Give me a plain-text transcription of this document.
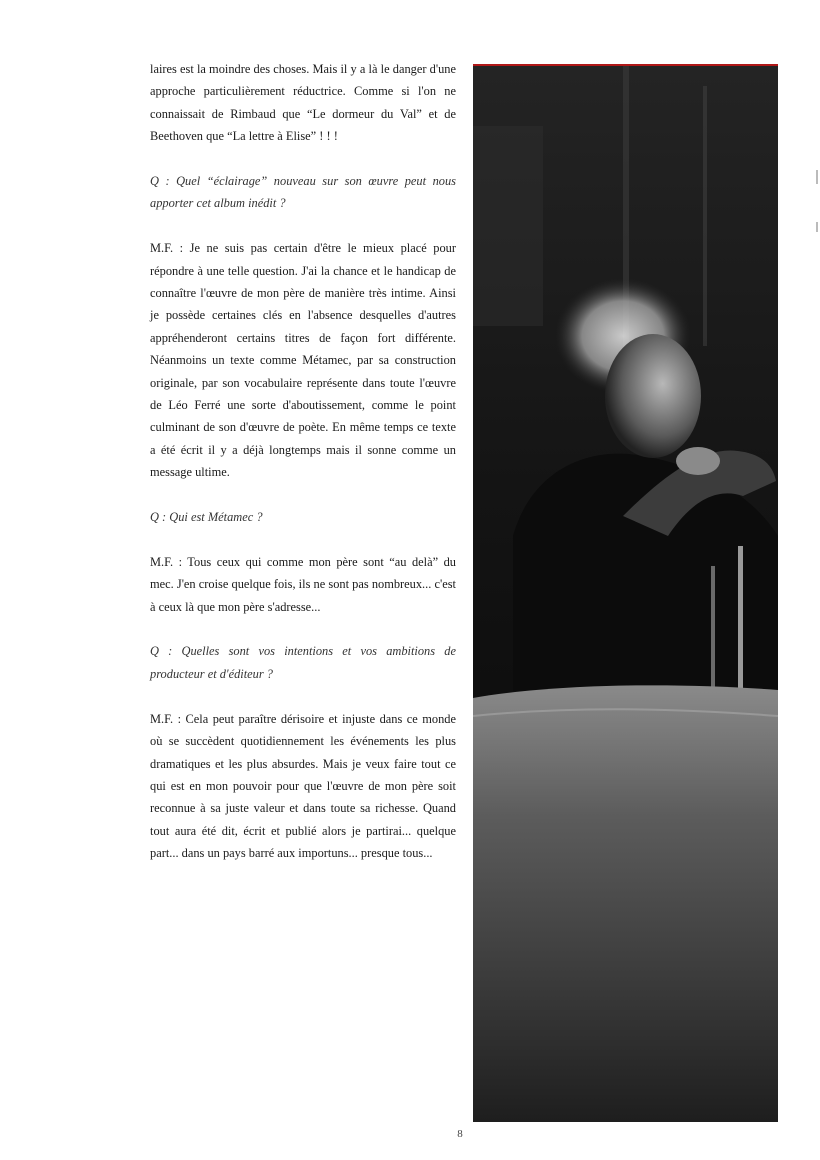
laires est la moindre des choses. Mais il y a là le danger d'une approche particulièrement réductrice. Comme si l'on ne connaissait de Rimbaud que “Le dormeur du Val” et de Beethoven que “La lettre à Elise” ! ! !

Q : Quel “éclairage” nouveau sur son œuvre peut nous apporter cet album inédit ?

M.F. : Je ne suis pas certain d'être le mieux placé pour répondre à une telle question. J'ai la chance et le handicap de connaître l'œuvre de mon père de manière très intime. Ainsi je possède certaines clés en l'absence desquelles d'autres appréhenderont certains titres de façon fort différente. Néanmoins un texte comme Métamec, par sa construction originale, par son vocabulaire représente dans toute l'œuvre de Léo Ferré une sorte d'aboutissement, comme le point culminant de son d'œuvre de poète. En même temps ce texte a été écrit il y a déjà longtemps mais il sonne comme un message ultime.

Q : Qui est Métamec ?

M.F. : Tous ceux qui comme mon père sont “au delà” du mec. J'en croise quelque fois, ils ne sont pas nombreux... c'est à ceux là que mon père s'adresse...

Q : Quelles sont vos intentions et vos ambitions de producteur et d'éditeur ?

M.F. : Cela peut paraître dérisoire et injuste dans ce monde où se succèdent quotidiennement les événements les plus dramatiques et les plus absurdes. Mais je veux faire tout ce qui est en mon pouvoir pour que l'œuvre de mon père soit reconnue à sa juste valeur et dans toute sa richesse. Quand tout aura été dit, écrit et publié alors je partirai... quelque part... dans un pays barré aux importuns... presque tous...

8
